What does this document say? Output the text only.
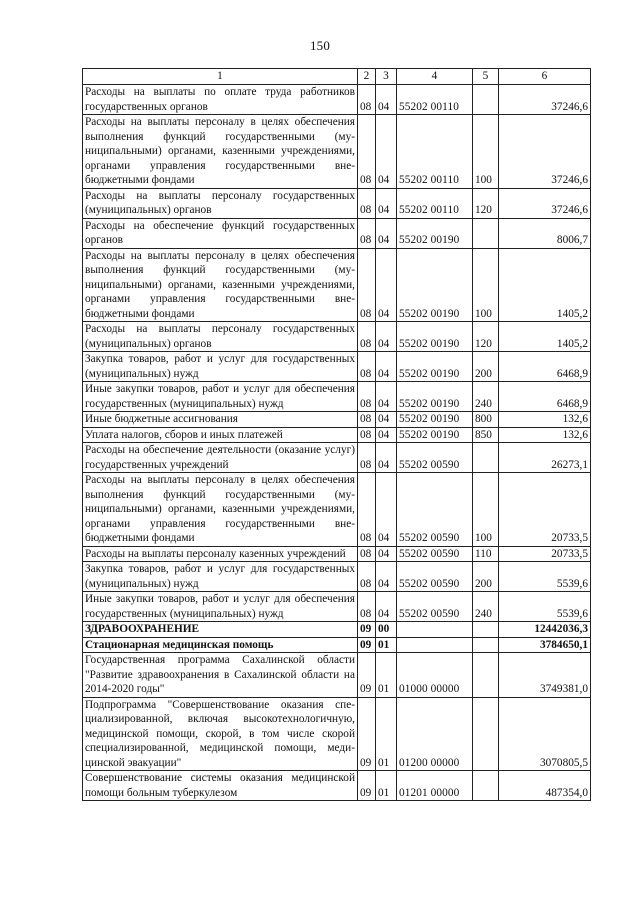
150
1	2	3	4	5	6
Расходы на выплаты по оплате труда работников государственных органов	08	04	55202 00110		37246,6
Расходы на выплаты персоналу в целях обеспечения выполнения функций государственными (муниципальными) органами, казенными учреждениями, органами управления государственными внебюджетными фондами	08	04	55202 00110	100	37246,6
Расходы на выплаты персоналу государственных (муниципальных) органов	08	04	55202 00110	120	37246,6
Расходы на обеспечение функций государственных органов	08	04	55202 00190		8006,7
Расходы на выплаты персоналу в целях обеспечения выполнения функций государственными (муниципальными) органами, казенными учреждениями, органами управления государственными внебюджетными фондами	08	04	55202 00190	100	1405,2
Расходы на выплаты персоналу государственных (муниципальных) органов	08	04	55202 00190	120	1405,2
Закупка товаров, работ и услуг для государственных (муниципальных) нужд	08	04	55202 00190	200	6468,9
Иные закупки товаров, работ и услуг для обеспечения государственных (муниципальных) нужд	08	04	55202 00190	240	6468,9
Иные бюджетные ассигнования	08	04	55202 00190	800	132,6
Уплата налогов, сборов и иных платежей	08	04	55202 00190	850	132,6
Расходы на обеспечение деятельности (оказание услуг) государственных учреждений	08	04	55202 00590		26273,1
Расходы на выплаты персоналу в целях обеспечения выполнения функций государственными (муниципальными) органами, казенными учреждениями, органами управления государственными внебюджетными фондами	08	04	55202 00590	100	20733,5
Расходы на выплаты персоналу казенных учреждений	08	04	55202 00590	110	20733,5
Закупка товаров, работ и услуг для государственных (муниципальных) нужд	08	04	55202 00590	200	5539,6
Иные закупки товаров, работ и услуг для обеспечения государственных (муниципальных) нужд	08	04	55202 00590	240	5539,6
ЗДРАВООХРАНЕНИЕ	09	00			12442036,3
Стационарная медицинская помощь	09	01			3784650,1
Государственная программа Сахалинской области "Развитие здравоохранения в Сахалинской области на 2014-2020 годы"	09	01	01000 00000		3749381,0
Подпрограмма "Совершенствование оказания специализированной, включая высокотехнологичную, медицинской помощи, скорой, в том числе скорой специализированной, медицинской помощи, медицинской эвакуации"	09	01	01200 00000		3070805,5
Совершенствование системы оказания медицинской помощи больным туберкулезом	09	01	01201 00000		487354,0
